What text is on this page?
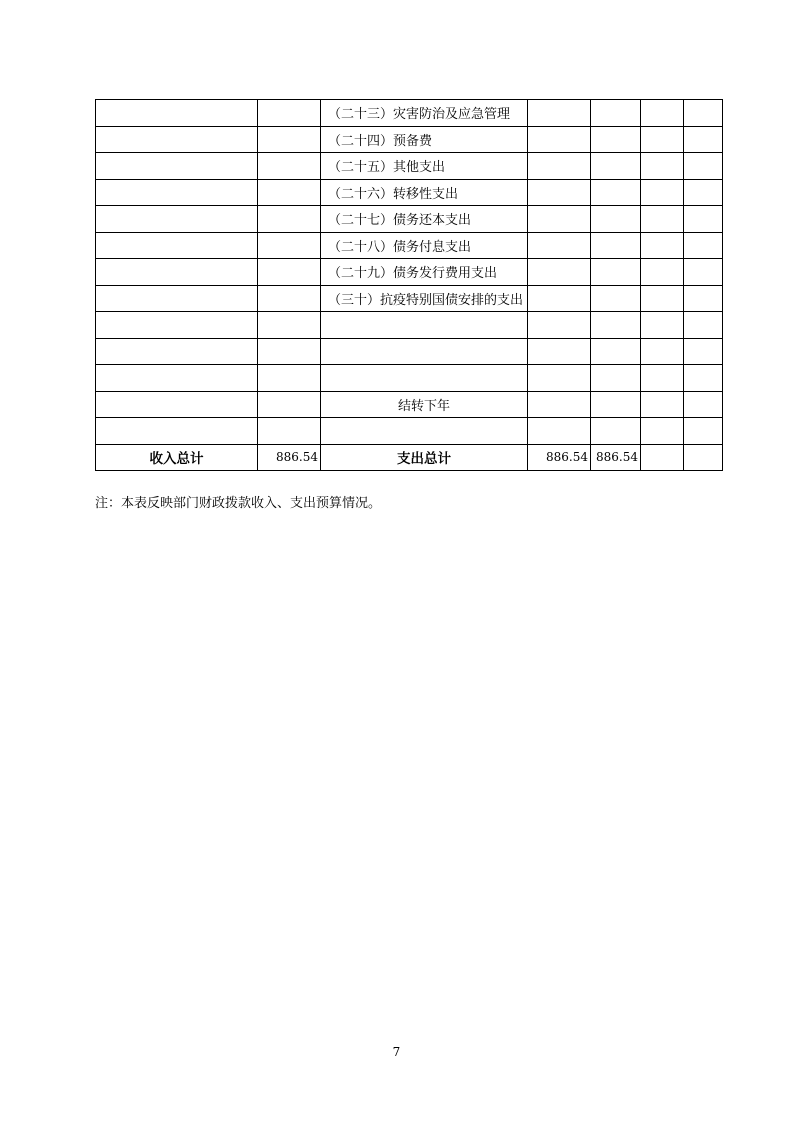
		（二十三）灾害防治及应急管理				
		（二十四）预备费				
		（二十五）其他支出				
		（二十六）转移性支出				
		（二十七）债务还本支出				
		（二十八）债务付息支出				
		（二十九）债务发行费用支出				
		（三十）抗疫特别国债安排的支出				

		结转下年				

收入总计	886.54	支出总计	886.54	886.54		
注：本表反映部门财政拨款收入、支出预算情况。
7
